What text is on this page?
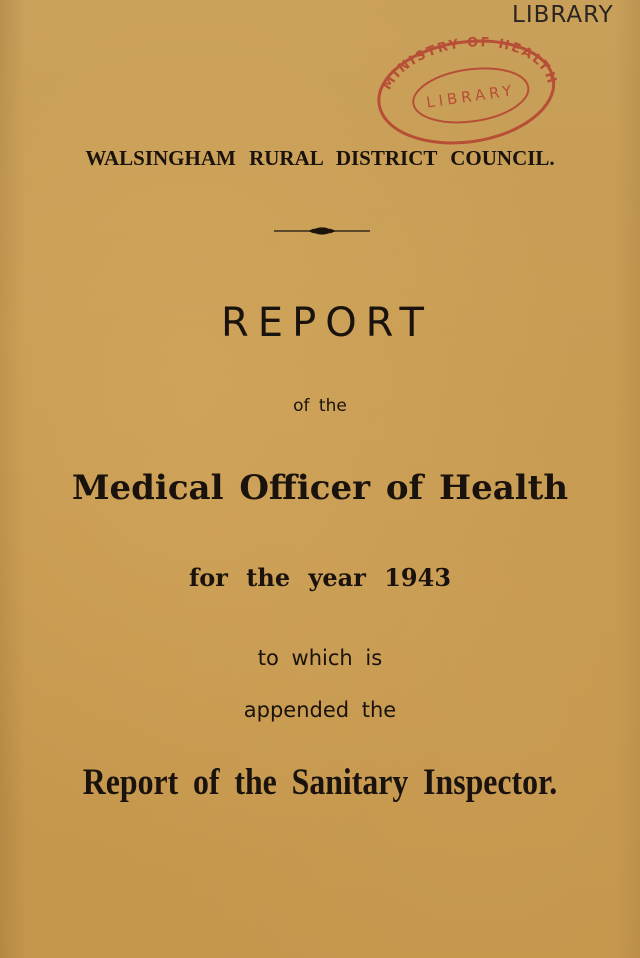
LIBRARY
MINISTRY OF HEALTH
LIBRARY
WALSINGHAM RURAL DISTRICT COUNCIL.
REPORT
of the
Medical Officer of Health
for the year 1943
to which is
appended the
Report of the Sanitary Inspector.
